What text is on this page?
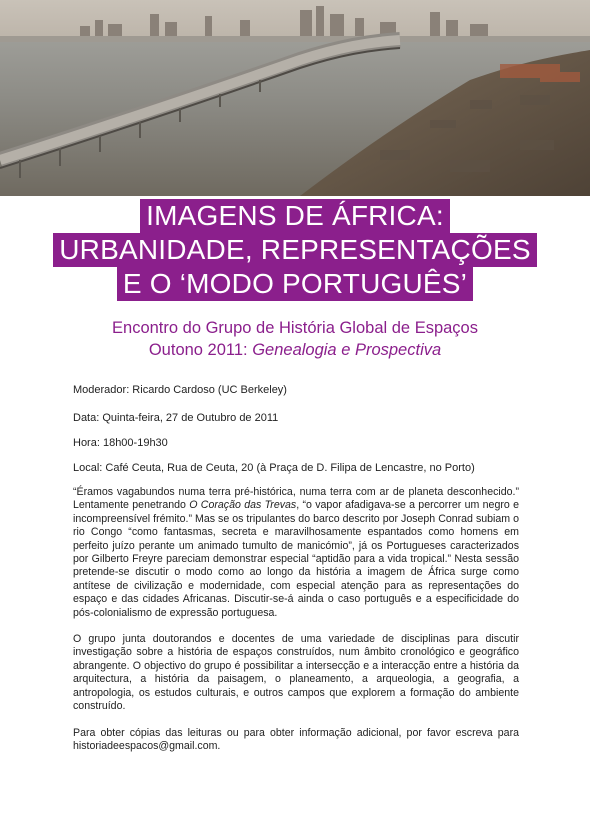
IMAGENS DE ÁFRICA:
URBANIDADE, REPRESENTAÇÕES
E O ‘MODO PORTUGUÊS’
Encontro do Grupo de História Global de Espaços
Outono 2011: Genealogia e Prospectiva
Moderador: Ricardo Cardoso (UC Berkeley)
Data: Quinta-feira, 27 de Outubro de 2011
Hora: 18h00-19h30
Local: Café Ceuta, Rua de Ceuta, 20 (à Praça de D. Filipa de Lencastre, no Porto)

“Éramos vagabundos numa terra pré-histórica, numa terra com ar de planeta desconhecido.” Lentamente penetrando O Coração das Trevas, “o vapor afadigava-se a percorrer um negro e incompreensível frémito.” Mas se os tripulantes do barco descrito por Joseph Conrad subiam o rio Congo “como fantasmas, secreta e maravilhosamente espantados como homens em perfeito juízo perante um animado tumulto de manicómio”, já os Portugueses caracterizados por Gilberto Freyre pareciam demonstrar especial “aptidão para a vida tropical.” Nesta sessão pretende-se discutir o modo como ao longo da história a imagem de África surge como antítese de civilização e modernidade, com especial atenção para as representações do espaço e das cidades Africanas. Discutir-se-á ainda o caso português e a especificidade do pós-colonialismo de expressão portuguesa.

O grupo junta doutorandos e docentes de uma variedade de disciplinas para discutir investigação sobre a história de espaços construídos, num âmbito cronológico e geográfico abrangente. O objectivo do grupo é possibilitar a intersecção e a interacção entre a história da arquitectura, a história da paisagem, o planeamento, a arqueologia, a geografia, a antropologia, os estudos culturais, e outros campos que explorem a formação do ambiente construído.

Para obter cópias das leituras ou para obter informação adicional, por favor escreva para historiadeespacos@gmail.com.
